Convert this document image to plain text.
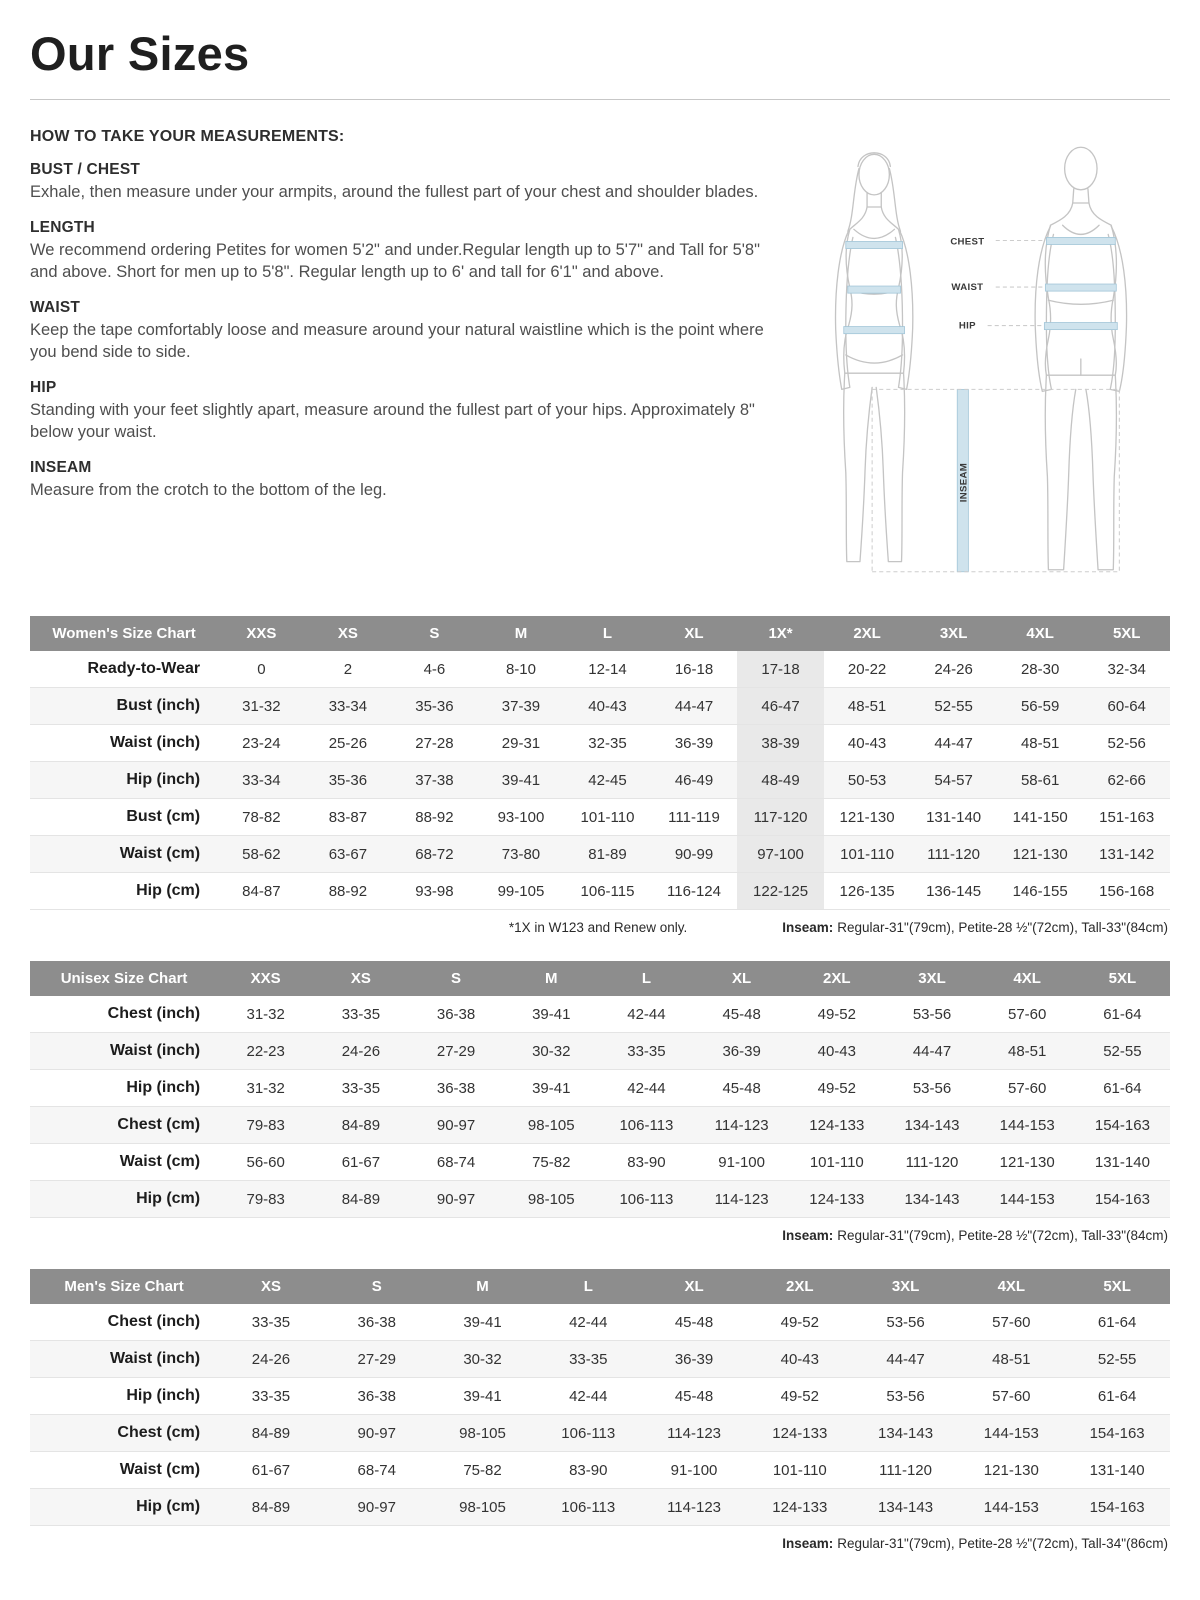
Our Sizes
HOW TO TAKE YOUR MEASUREMENTS:
BUST / CHEST

Exhale, then measure under your armpits, around the fullest part of your chest and shoulder blades.

LENGTH

We recommend ordering Petites for women 5'2" and under.Regular length up to 5'7" and Tall for 5'8" and above. Short for men up to 5'8". Regular length up to 6' and tall for 6'1" and above.

WAIST

Keep the tape comfortably loose and measure around your natural waistline which is the point where you bend side to side.

HIP

Standing with your feet slightly apart, measure around the fullest part of your hips. Approximately 8" below your waist.

INSEAM

Measure from the crotch to the bottom of the leg.

CHEST
WAIST
HIP
INSEAM
Women's Size Chart	XXS	XS	S	M	L	XL	1X*	2XL	3XL	4XL	5XL
Ready-to-Wear	0	2	4-6	8-10	12-14	16-18	17-18	20-22	24-26	28-30	32-34
Bust (inch)	31-32	33-34	35-36	37-39	40-43	44-47	46-47	48-51	52-55	56-59	60-64
Waist (inch)	23-24	25-26	27-28	29-31	32-35	36-39	38-39	40-43	44-47	48-51	52-56
Hip (inch)	33-34	35-36	37-38	39-41	42-45	46-49	48-49	50-53	54-57	58-61	62-66
Bust (cm)	78-82	83-87	88-92	93-100	101-110	111-119	117-120	121-130	131-140	141-150	151-163
Waist (cm)	58-62	63-67	68-72	73-80	81-89	90-99	97-100	101-110	111-120	121-130	131-142
Hip (cm)	84-87	88-92	93-98	99-105	106-115	116-124	122-125	126-135	136-145	146-155	156-168
*1X in W123 and Renew only.	Inseam: Regular-31"(79cm), Petite-28 ½"(72cm), Tall-33"(84cm)
Unisex Size Chart	XXS	XS	S	M	L	XL	2XL	3XL	4XL	5XL
Chest (inch)	31-32	33-35	36-38	39-41	42-44	45-48	49-52	53-56	57-60	61-64
Waist (inch)	22-23	24-26	27-29	30-32	33-35	36-39	40-43	44-47	48-51	52-55
Hip (inch)	31-32	33-35	36-38	39-41	42-44	45-48	49-52	53-56	57-60	61-64
Chest (cm)	79-83	84-89	90-97	98-105	106-113	114-123	124-133	134-143	144-153	154-163
Waist (cm)	56-60	61-67	68-74	75-82	83-90	91-100	101-110	111-120	121-130	131-140
Hip (cm)	79-83	84-89	90-97	98-105	106-113	114-123	124-133	134-143	144-153	154-163
Inseam: Regular-31"(79cm), Petite-28 ½"(72cm), Tall-33"(84cm)
Men's Size Chart	XS	S	M	L	XL	2XL	3XL	4XL	5XL
Chest (inch)	33-35	36-38	39-41	42-44	45-48	49-52	53-56	57-60	61-64
Waist (inch)	24-26	27-29	30-32	33-35	36-39	40-43	44-47	48-51	52-55
Hip (inch)	33-35	36-38	39-41	42-44	45-48	49-52	53-56	57-60	61-64
Chest (cm)	84-89	90-97	98-105	106-113	114-123	124-133	134-143	144-153	154-163
Waist (cm)	61-67	68-74	75-82	83-90	91-100	101-110	111-120	121-130	131-140
Hip (cm)	84-89	90-97	98-105	106-113	114-123	124-133	134-143	144-153	154-163
Inseam: Regular-31"(79cm), Petite-28 ½"(72cm), Tall-34"(86cm)
